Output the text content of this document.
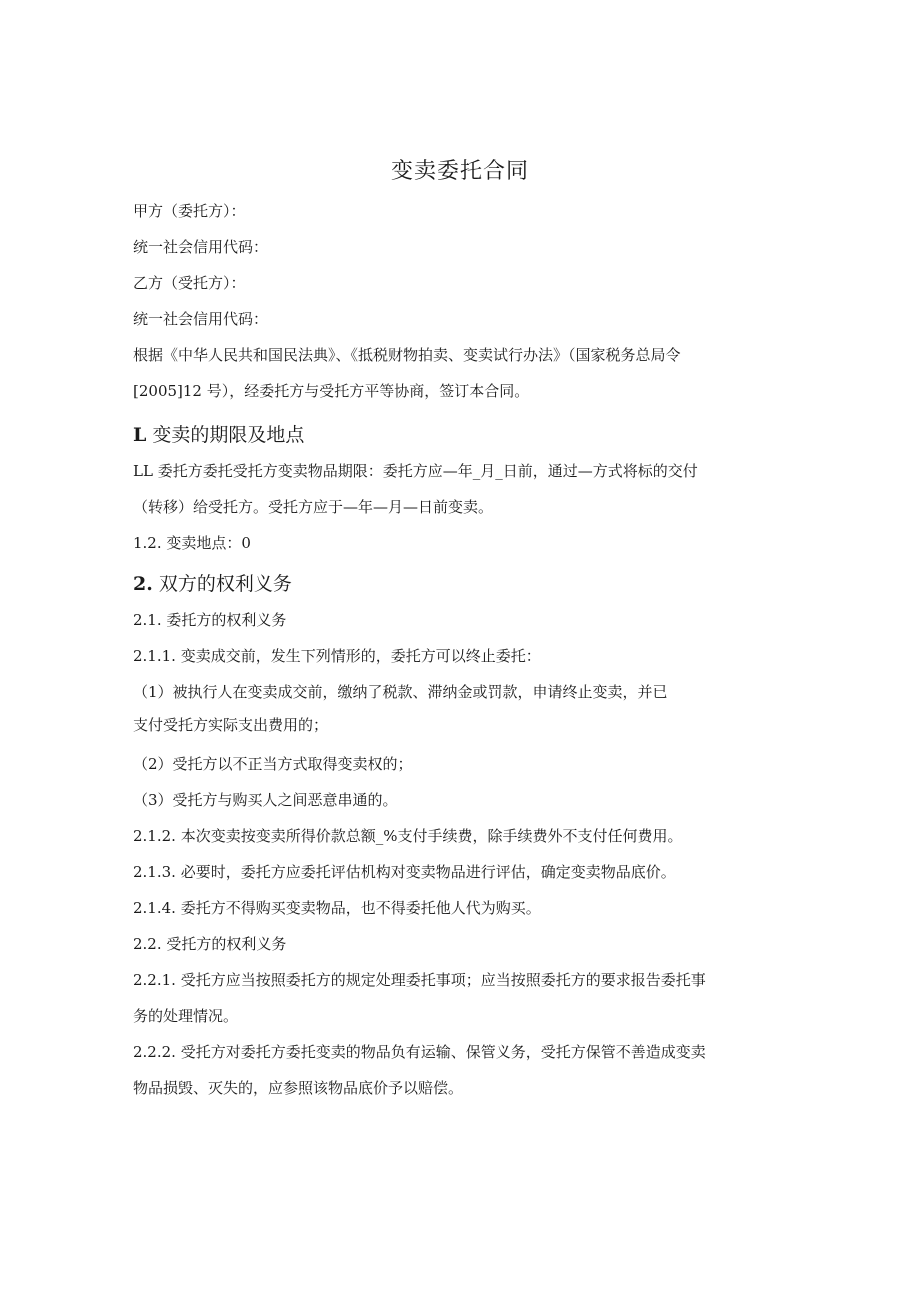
变卖委托合同
甲方（委托方）：
统一社会信用代码：
乙方（受托方）：
统一社会信用代码：
根据《中华人民共和国民法典》、《抵税财物拍卖、变卖试行办法》（国家税务总局令
[2005]12 号），经委托方与受托方平等协商，签订本合同。
L 变卖的期限及地点
LL 委托方委托受托方变卖物品期限：委托方应—年_月_日前，通过—方式将标的交付
（转移）给受托方。受托方应于—年—月—日前变卖。
1.2. 变卖地点：0
2. 双方的权利义务
2.1. 委托方的权利义务
2.1.1. 变卖成交前，发生下列情形的，委托方可以终止委托：
（1）被执行人在变卖成交前，缴纳了税款、滞纳金或罚款，申请终止变卖，并已
支付受托方实际支出费用的；
（2）受托方以不正当方式取得变卖权的；
（3）受托方与购买人之间恶意串通的。
2.1.2. 本次变卖按变卖所得价款总额_%支付手续费，除手续费外不支付任何费用。
2.1.3. 必要时，委托方应委托评估机构对变卖物品进行评估，确定变卖物品底价。
2.1.4. 委托方不得购买变卖物品，也不得委托他人代为购买。
2.2. 受托方的权利义务
2.2.1. 受托方应当按照委托方的规定处理委托事项；应当按照委托方的要求报告委托事
务的处理情况。
2.2.2. 受托方对委托方委托变卖的物品负有运输、保管义务，受托方保管不善造成变卖
物品损毁、灭失的，应参照该物品底价予以赔偿。
